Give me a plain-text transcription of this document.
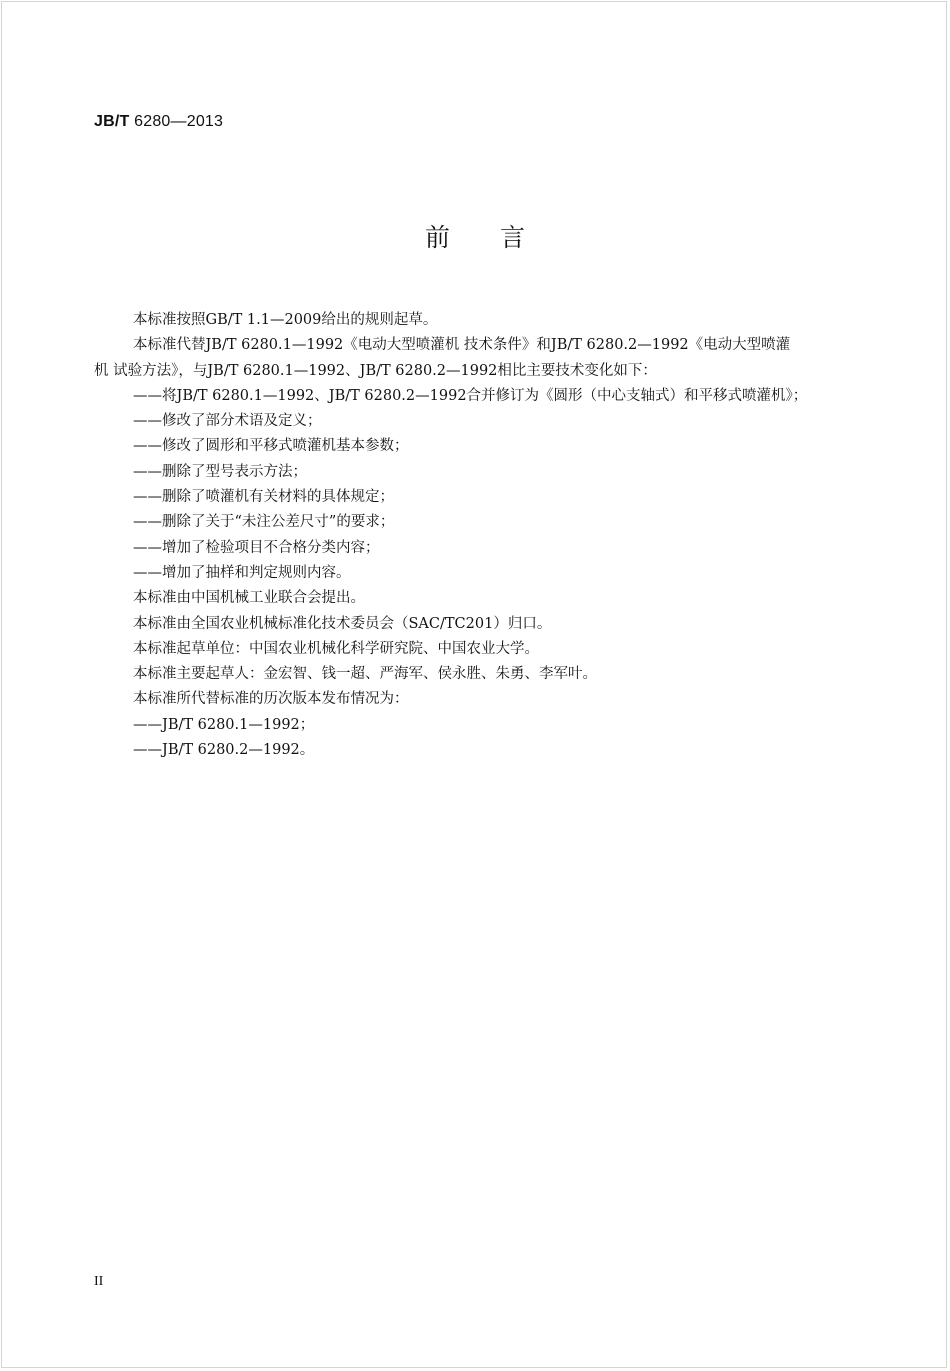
JB/T 6280—2013
前言

本标准按照GB/T 1.1—2009给出的规则起草。

本标准代替JB/T 6280.1—1992《电动大型喷灌机 技术条件》和JB/T 6280.2—1992《电动大型喷灌

机 试验方法》，与JB/T 6280.1—1992、JB/T 6280.2—1992相比主要技术变化如下：

——将JB/T 6280.1—1992、JB/T 6280.2—1992合并修订为《圆形（中心支轴式）和平移式喷灌机》；

——修改了部分术语及定义；

——修改了圆形和平移式喷灌机基本参数；

——删除了型号表示方法；

——删除了喷灌机有关材料的具体规定；

——删除了关于“未注公差尺寸”的要求；

——增加了检验项目不合格分类内容；

——增加了抽样和判定规则内容。

本标准由中国机械工业联合会提出。

本标准由全国农业机械标准化技术委员会（SAC/TC201）归口。

本标准起草单位：中国农业机械化科学研究院、中国农业大学。

本标准主要起草人：金宏智、钱一超、严海军、侯永胜、朱勇、李军叶。

本标准所代替标准的历次版本发布情况为：

——JB/T 6280.1—1992；

——JB/T 6280.2—1992。

II
